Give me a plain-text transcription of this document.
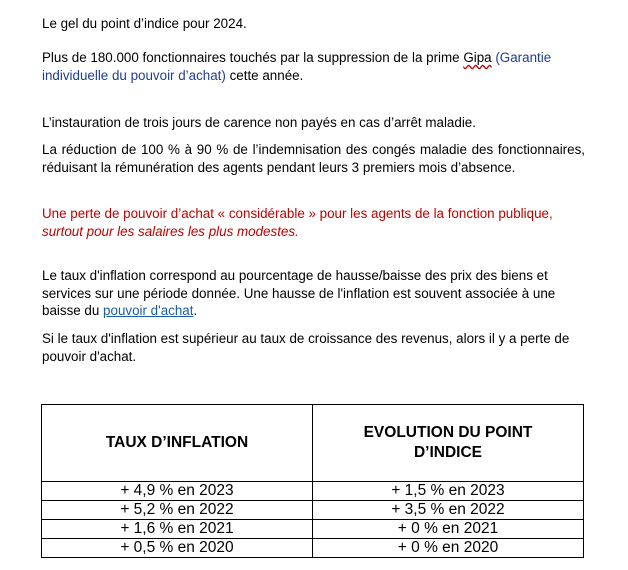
Le gel du point d’indice pour 2024.

Plus de 180.000 fonctionnaires touchés par la suppression de la prime Gipa (Garantie individuelle du pouvoir d’achat) cette année.

L’instauration de trois jours de carence non payés en cas d’arrêt maladie.

La réduction de 100 % à 90 % de l’indemnisation des congés maladie des fonctionnaires, réduisant la rémunération des agents pendant leurs 3 premiers mois d’absence.

Une perte de pouvoir d’achat « considérable » pour les agents de la fonction publique, surtout pour les salaires les plus modestes.

Le taux d'inflation correspond au pourcentage de hausse/baisse des prix des biens et services sur une période donnée. Une hausse de l'inflation est souvent associée à une baisse du pouvoir d'achat.

Si le taux d'inflation est supérieur au taux de croissance des revenus, alors il y a perte de pouvoir d'achat.

TAUX D’INFLATION	EVOLUTION DU POINT D’INDICE
+ 4,9 % en 2023	+ 1,5 % en 2023
+ 5,2 % en 2022	+ 3,5 % en 2022
+ 1,6 % en 2021	+ 0 % en 2021
+ 0,5 % en 2020	+ 0 % en 2020
